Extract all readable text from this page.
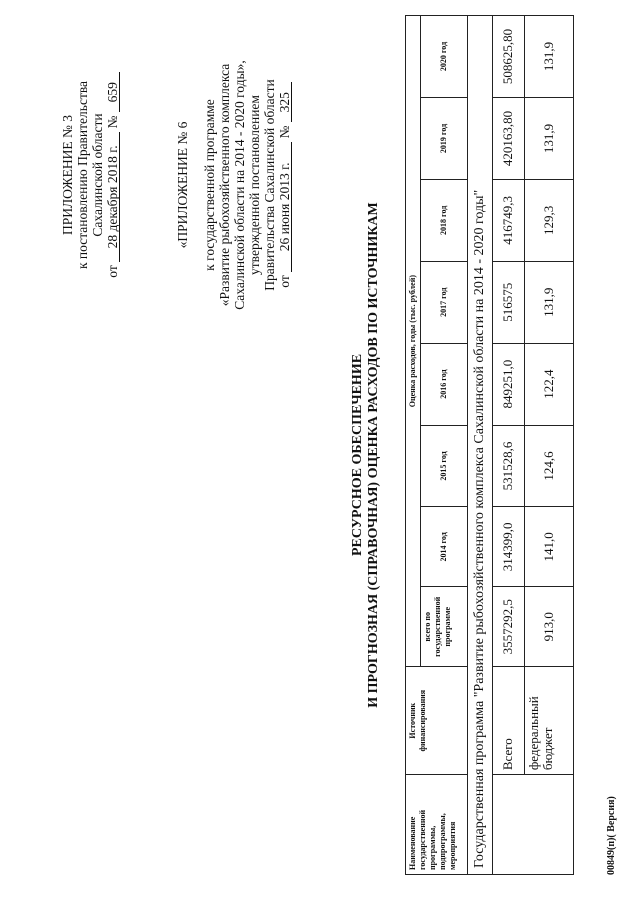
ПРИЛОЖЕНИЕ № 3 к постановлению Правительства Сахалинской области
от 28 декабря 2018 г. № 659
«ПРИЛОЖЕНИЕ № 6 к государственной программе «Развитие рыбохозяйственного комплекса Сахалинской области на 2014 - 2020 годы», утвержденной постановлением Правительства Сахалинской области от 26 июня 2013 г. № 325
РЕСУРСНОЕ ОБЕСПЕЧЕНИЕ И ПРОГНОЗНАЯ (СПРАВОЧНАЯ) ОЦЕНКА РАСХОДОВ ПО ИСТОЧНИКАМ
Наименование государственной программы, подпрограммы, мероприятия	Источник финансирования	Оценка расходов, годы (тыс. рублей)							
		всего по государственной программе	2014 год	2015 год	2016 год	2017 год	2018 год	2019 год	2020 год
Государственная программа "Развитие рыбохозяйственного комплекса Сахалинской области на 2014 - 2020 годы"									
	Всего	3557292,5	314399,0	531528,6	849251,0	516575	416749,3	420163,80	508625,80
	федеральный бюджет	913,0	141,0	124,6	122,4	131,9	129,3	131,9	131,9
00849(п)( Версия)
